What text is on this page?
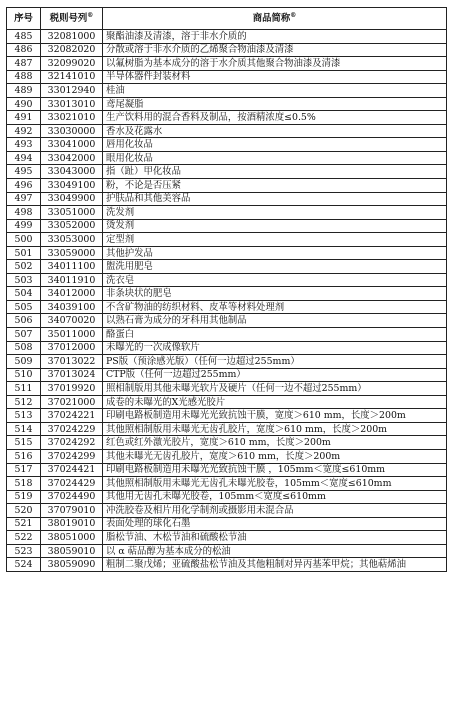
序号	税则号列®	商品简称®
485	32081000	聚酯油漆及清漆，溶于非水介质的
486	32082020	分散或溶于非水介质的乙烯聚合物油漆及清漆
487	32099020	以氟树脂为基本成分的溶于水介质其他聚合物油漆及清漆
488	32141010	半导体器件封装材料
489	33012940	桂油
490	33013010	鸢尾凝脂
491	33021010	生产饮料用的混合香料及制品，按酒精浓度≤0.5%
492	33030000	香水及花露水
493	33041000	唇用化妆品
494	33042000	眼用化妆品
495	33043000	指（趾）甲化妆品
496	33049100	粉，不论是否压紧
497	33049900	护肤品和其他美容品
498	33051000	洗发剂
499	33052000	烫发剂
500	33053000	定型剂
501	33059000	其他护发品
502	34011100	盥洗用肥皂
503	34011910	洗衣皂
504	34012000	非条块状的肥皂
505	34039100	不含矿物油的纺织材料、皮革等材料处理剂
506	34070020	以熟石膏为成分的牙科用其他制品
507	35011000	酪蛋白
508	37012000	未曝光的一次成像软片
509	37013022	PS版（预涂感光版）（任何一边超过255mm）
510	37013024	CTP版（任何一边超过255mm）
511	37019920	照相制版用其他未曝光软片及硬片（任何一边不超过255mm）
512	37021000	成卷的未曝光的X光感光胶片
513	37024221	印刷电路板制造用未曝光光致抗蚀干膜，宽度＞610 mm，长度＞200m
514	37024229	其他照相制版用未曝光无齿孔胶片，宽度＞610 mm，长度＞200m
515	37024292	红色或红外激光胶片，宽度＞610 mm，长度＞200m
516	37024299	其他未曝光无齿孔胶片，宽度＞610 mm，长度＞200m
517	37024421	印刷电路板制造用未曝光光致抗蚀干膜 ，105mm＜宽度≤610mm
518	37024429	其他照相制版用未曝光无齿孔未曝光胶卷，105mm＜宽度≤610mm
519	37024490	其他用无齿孔未曝光胶卷，105mm＜宽度≤610mm
520	37079010	冲洗胶卷及相片用化学制剂或摄影用未混合品
521	38019010	表面处理的球化石墨
522	38051000	脂松节油、木松节油和硫酸松节油
523	38059010	以 α 萜品醇为基本成分的松油
524	38059090	粗制二聚戊烯；亚硫酸盐松节油及其他粗制对异丙基苯甲烷；其他萜烯油
